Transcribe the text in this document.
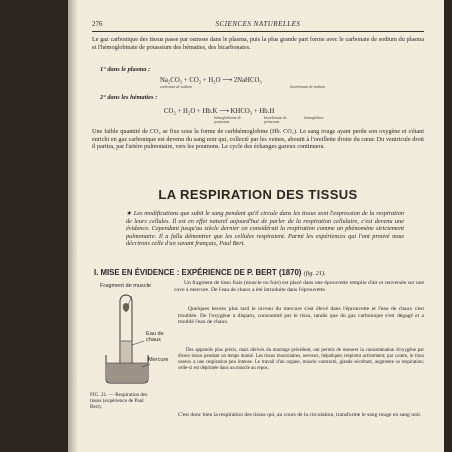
276	SCIENCES NATURELLES
Le gaz carbonique des tissus passe par osmose dans le plasma, puis la plus grande part forme avec le carbonate de sodium du plasma et l'hémoglobinate de potassium des hématies, des bicarbonates.
1° dans le plasma :
Na₂CO₃ + CO₂ + H₂O ⟶ 2NaHCO₃
carbonate de sodium	bicarbonate de sodium
2° dans les hématies :
CO₂ + H₂O + Hb.K ⟶ KHCO₃ + Hb.H
hémoglobinate de potassium
bicarbonate de potassium
hémoglobine
Une faible quantité de CO₂ se fixe sous la forme de carbhémoglobine (Hb. CO₂). Le sang rouge ayant perdu son oxygène et s'étant enrichi en gaz carbonique est devenu du sang noir qui, collecté par les veines, aboutit à l'oreillette droite du cœur. Du ventricule droit il partira, par l'artère pulmonaire, vers les poumons. Le cycle des échanges gazeux continuera.
LA RESPIRATION DES TISSUS
★ Les modifications que subit le sang pendant qu'il circule dans les tissus sont l'expression de la respiration de leurs cellules. Il est en effet naturel aujourd'hui de parler de la respiration cellulaire, c'est devenu une évidence. Cependant jusqu'au siècle dernier on considérait la respiration comme un phénomène strictement pulmonaire. Il a fallu démontrer que les cellules respiraient. Parmi les expériences qui l'ont prouvé nous décrirons celle d'un savant français, Paul Bert.
I. MISE EN ÉVIDENCE : EXPÉRIENCE DE P. BERT (1870) (fig. 21).
Un fragment de tissu frais (muscle ou foie) est placé dans une éprouvette remplie d'air et renversée sur une cuve à mercure. De l'eau de chaux a été introduite dans l'éprouvette.
Quelques heures plus tard le niveau du mercure s'est élevé dans l'éprouvette et l'eau de chaux s'est troublée. De l'oxygène a disparu, consommé par le tissu, tandis que du gaz carbonique s'est dégagé et a troublé l'eau de chaux.
Des appareils plus précis, mais dérivés du montage précédent, ont permis de mesurer la consommation d'oxygène par divers tissus pendant un temps donné. Les tissus musculaires, nerveux, hépatiques respirent activement; par contre, le tissu osseux a une respiration peu intense. Le travail d'un organe, muscle contracté, glande sécrétant, augmente sa respiration; celle-ci est déprimée dans un muscle au repos.
C'est donc bien la respiration des tissus qui, au cours de la circulation, transforme le sang rouge en sang noir.
Fragment de muscle
Eau de chaux
Mercure
FIG. 21. — Respiration des tissus (expérience de Paul Bert).
